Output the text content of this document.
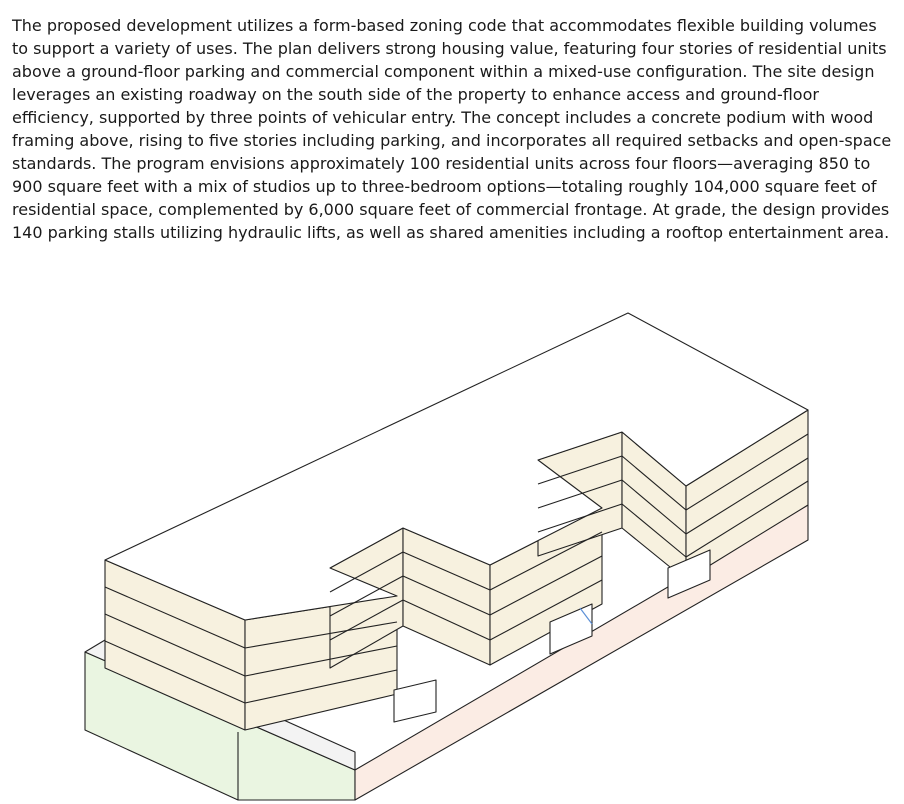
The proposed development utilizes a form-based zoning code that accommodates flexible building volumes to support a variety of uses. The plan delivers strong housing value, featuring four stories of residential units above a ground-floor parking and commercial component within a mixed-use configuration. The site design leverages an existing roadway on the south side of the property to enhance access and ground-floor efficiency, supported by three points of vehicular entry. The concept includes a concrete podium with wood framing above, rising to five stories including parking, and incorporates all required setbacks and open-space standards. The program envisions approximately 100 residential units across four floors—averaging 850 to 900 square feet with a mix of studios up to three-bedroom options—totaling roughly 104,000 square feet of residential space, complemented by 6,000 square feet of commercial frontage. At grade, the design provides 140 parking stalls utilizing hydraulic lifts, as well as shared amenities including a rooftop entertainment area.
